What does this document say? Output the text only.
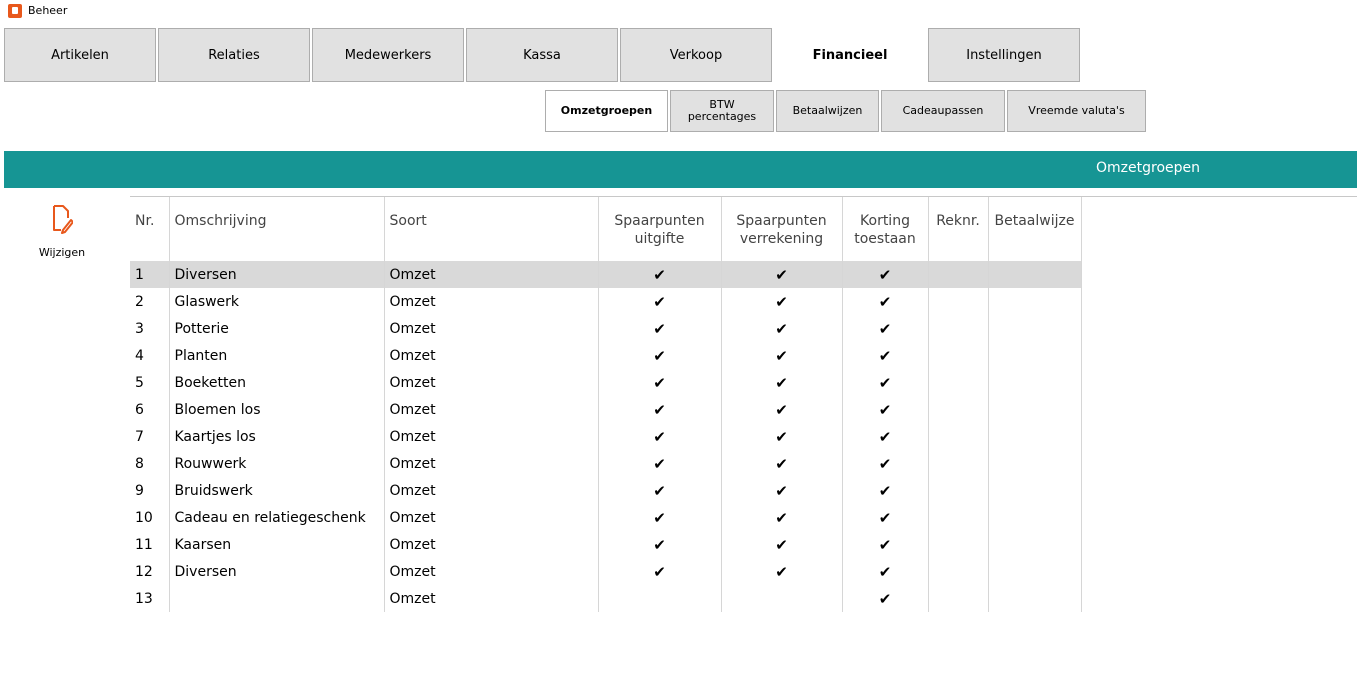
Beheer
Artikelen	Relaties	Medewerkers	Kassa	Verkoop	Financieel	Instellingen
Omzetgroepen	BTW percentages	Betaalwijzen	Cadeaupassen	Vreemde valuta's
Omzetgroepen
Wijzigen
Nr.	Omschrijving	Soort	Spaarpunten uitgifte	Spaarpunten verrekening	Korting toestaan	Reknr.	Betaalwijze
1	Diversen	Omzet	✔	✔	✔		
2	Glaswerk	Omzet	✔	✔	✔		
3	Potterie	Omzet	✔	✔	✔		
4	Planten	Omzet	✔	✔	✔		
5	Boeketten	Omzet	✔	✔	✔		
6	Bloemen los	Omzet	✔	✔	✔		
7	Kaartjes los	Omzet	✔	✔	✔		
8	Rouwwerk	Omzet	✔	✔	✔		
9	Bruidswerk	Omzet	✔	✔	✔		
10	Cadeau en relatiegeschenk	Omzet	✔	✔	✔		
11	Kaarsen	Omzet	✔	✔	✔		
12	Diversen	Omzet	✔	✔	✔		
13		Omzet			✔		
